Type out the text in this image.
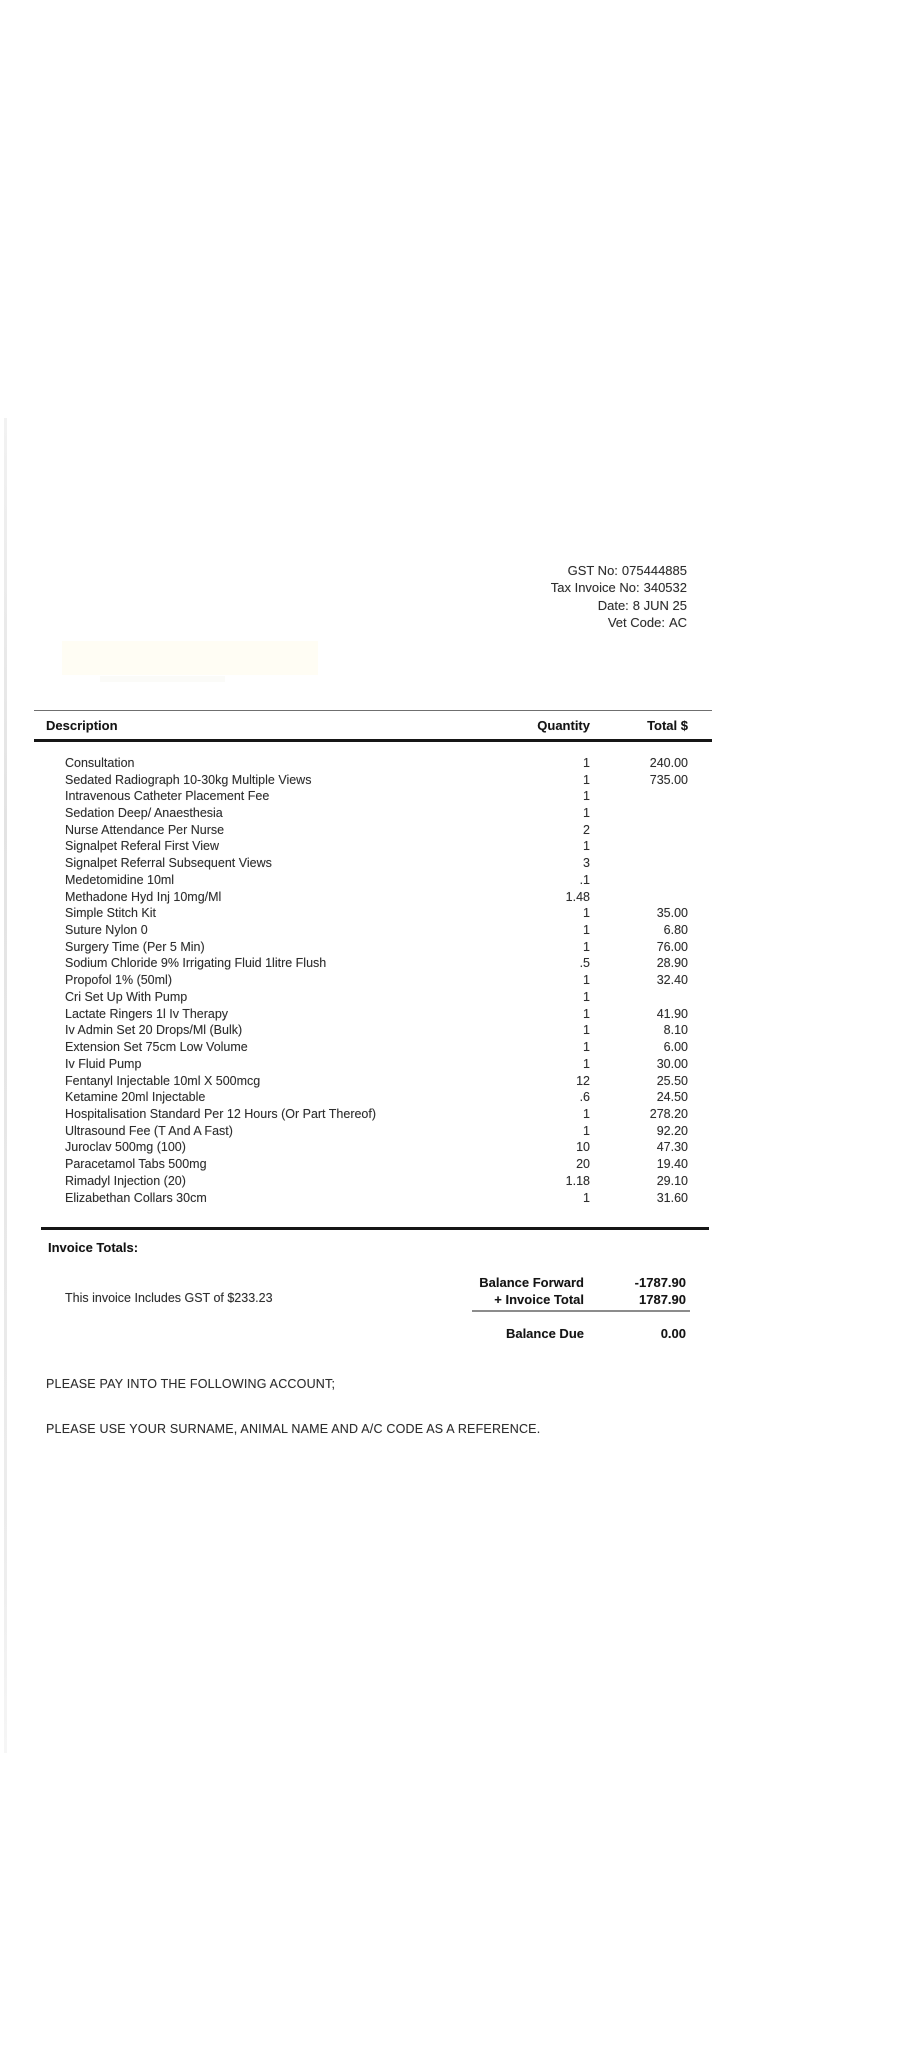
GST No: 075444885
Tax Invoice No: 340532
Date: 8 JUN 25
Vet Code: AC
Description	Quantity	Total $
Consultation	1	240.00
Sedated Radiograph 10-30kg Multiple Views	1	735.00
Intravenous Catheter Placement Fee	1
Sedation Deep/ Anaesthesia	1
Nurse Attendance Per Nurse	2
Signalpet Referal First View	1
Signalpet Referral Subsequent Views	3
Medetomidine 10ml	.1
Methadone Hyd Inj 10mg/Ml	1.48
Simple Stitch Kit	1	35.00
Suture Nylon 0	1	6.80
Surgery Time (Per 5 Min)	1	76.00
Sodium Chloride 9% Irrigating Fluid 1litre Flush	.5	28.90
Propofol 1% (50ml)	1	32.40
Cri Set Up With Pump	1
Lactate Ringers 1l Iv Therapy	1	41.90
Iv Admin Set 20 Drops/Ml (Bulk)	1	8.10
Extension Set 75cm Low Volume	1	6.00
Iv Fluid Pump	1	30.00
Fentanyl Injectable 10ml X 500mcg	12	25.50
Ketamine 20ml Injectable	.6	24.50
Hospitalisation Standard Per 12 Hours (Or Part Thereof)	1	278.20
Ultrasound Fee (T And A Fast)	1	92.20
Juroclav 500mg (100)	10	47.30
Paracetamol Tabs 500mg	20	19.40
Rimadyl Injection (20)	1.18	29.10
Elizabethan Collars 30cm	1	31.60
Invoice Totals:
This invoice Includes GST of $233.23
Balance Forward	-1787.90
+ Invoice Total	1787.90
Balance Due	0.00
PLEASE PAY INTO THE FOLLOWING ACCOUNT;
PLEASE USE YOUR SURNAME, ANIMAL NAME AND A/C CODE AS A REFERENCE.
